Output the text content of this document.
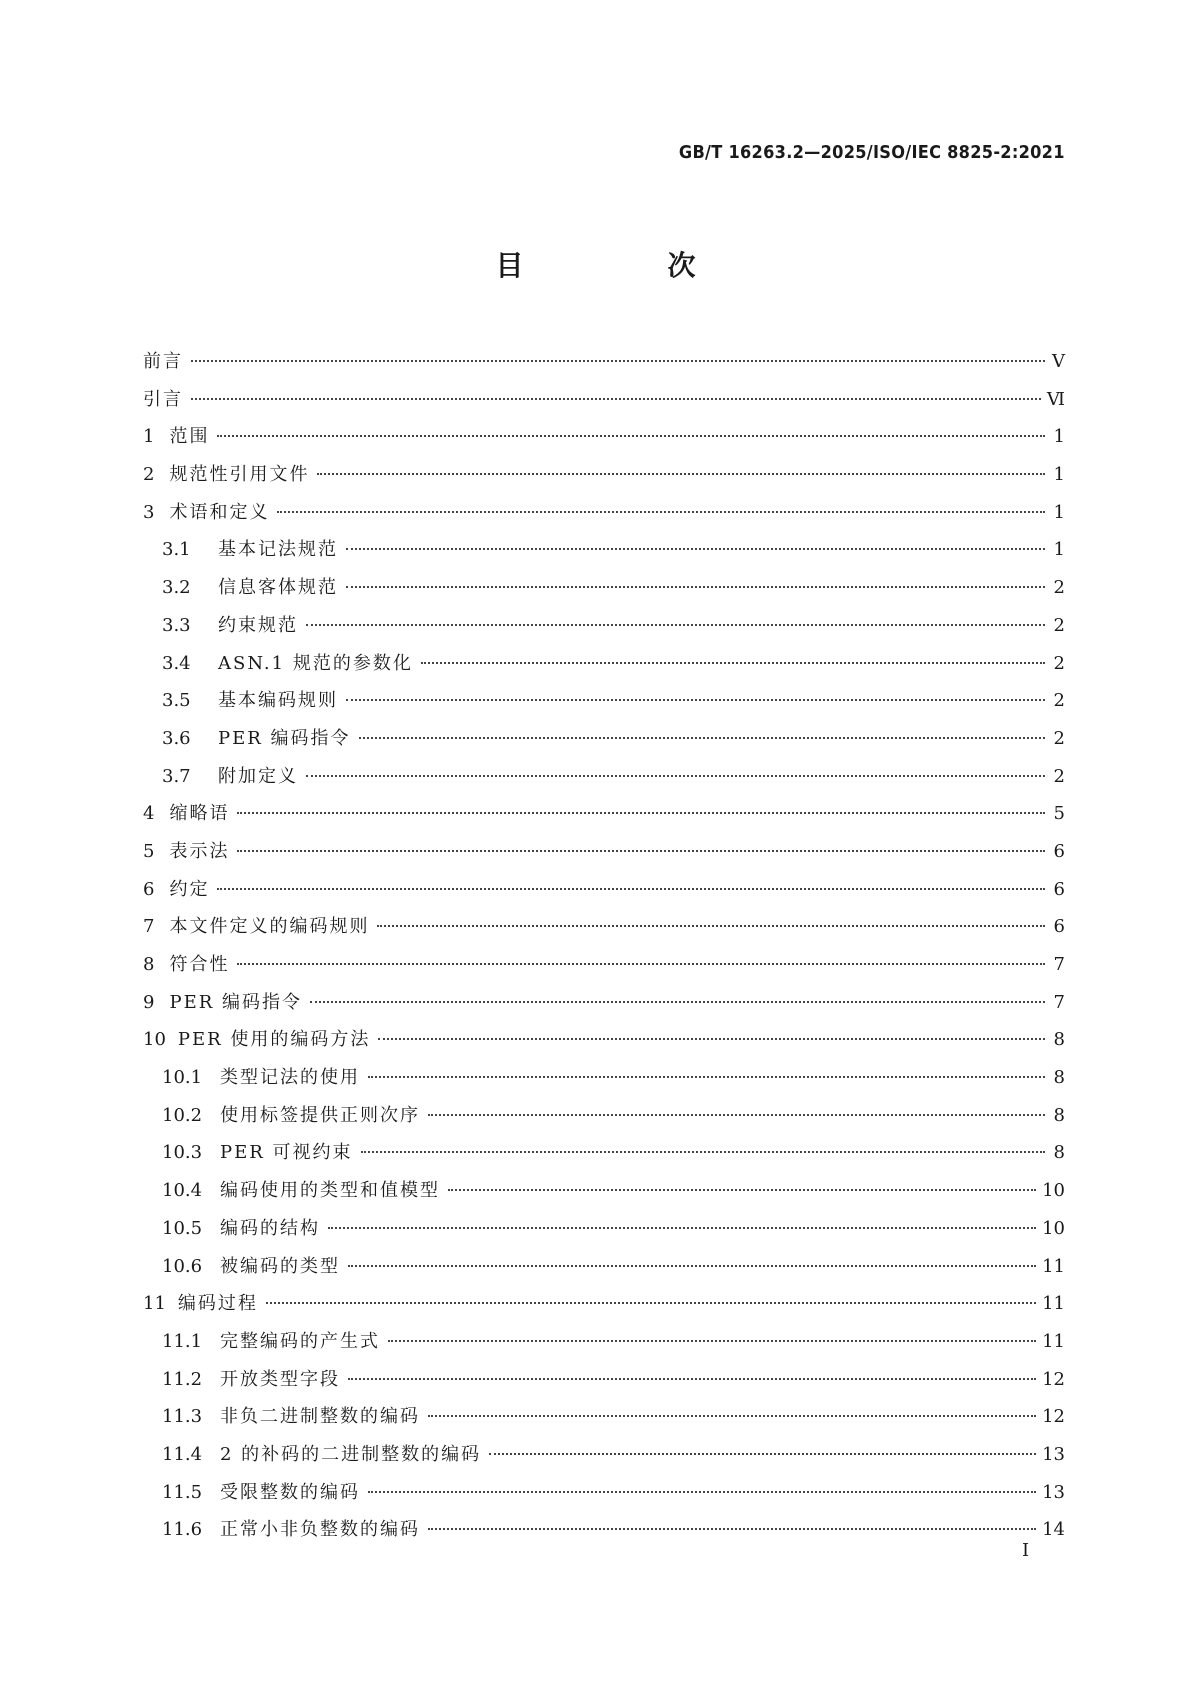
GB/T 16263.2—2025/ISO/IEC 8825-2:2021
目　次
前言	Ⅴ
引言	Ⅵ
1 范围	1
2 规范性引用文件	1
3 术语和定义	1
3.1	基本记法规范	1
3.2	信息客体规范	2
3.3	约束规范	2
3.4	ASN.1 规范的参数化	2
3.5	基本编码规则	2
3.6	PER 编码指令	2
3.7	附加定义	2
4 缩略语	5
5 表示法	6
6 约定	6
7 本文件定义的编码规则	6
8 符合性	7
9 PER 编码指令	7
10 PER 使用的编码方法	8
10.1 类型记法的使用	8
10.2 使用标签提供正则次序	8
10.3 PER 可视约束	8
10.4 编码使用的类型和值模型	10
10.5 编码的结构	10
10.6 被编码的类型	11
11 编码过程	11
11.1 完整编码的产生式	11
11.2 开放类型字段	12
11.3 非负二进制整数的编码	12
11.4 2 的补码的二进制整数的编码	13
11.5 受限整数的编码	13
11.6 正常小非负整数的编码	14
Ⅰ
